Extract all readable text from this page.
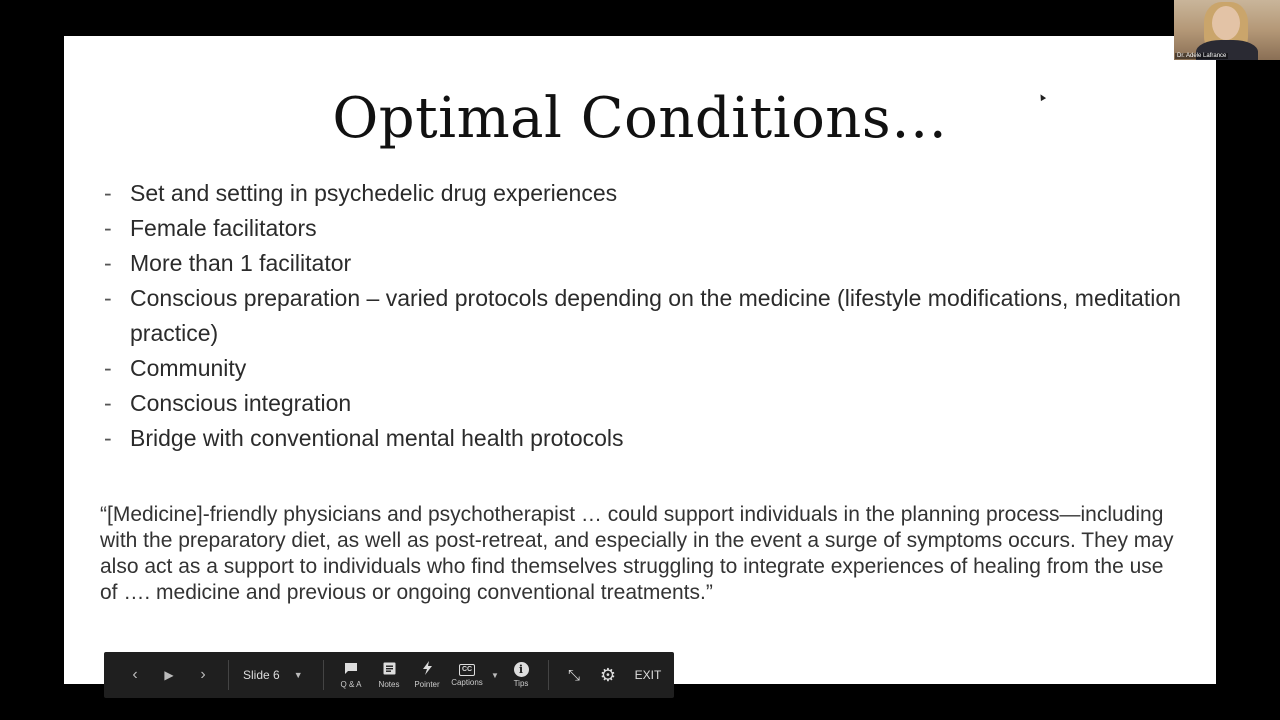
Optimal Conditions…
- Set and setting in psychedelic drug experiences
- Female facilitators
- More than 1 facilitator
- Conscious preparation – varied protocols depending on the medicine (lifestyle modifications, meditation practice)
- Community
- Conscious integration
- Bridge with conventional mental health protocols
“[Medicine]-friendly physicians and psychotherapist … could support individuals in the planning process—including with the preparatory diet, as well as post-retreat, and especially in the event a surge of symptoms occurs. They may also act as a support to individuals who find themselves struggling to integrate experiences of healing from the use of …. medicine and previous or ongoing conventional treatments.”
Dr. Adele Lafrance
‹ ▶ ›	Slide 6 ▼
Q & A Notes Pointer
CC
Captions
▼	i
Tips	⤡ ⚙ EXIT
